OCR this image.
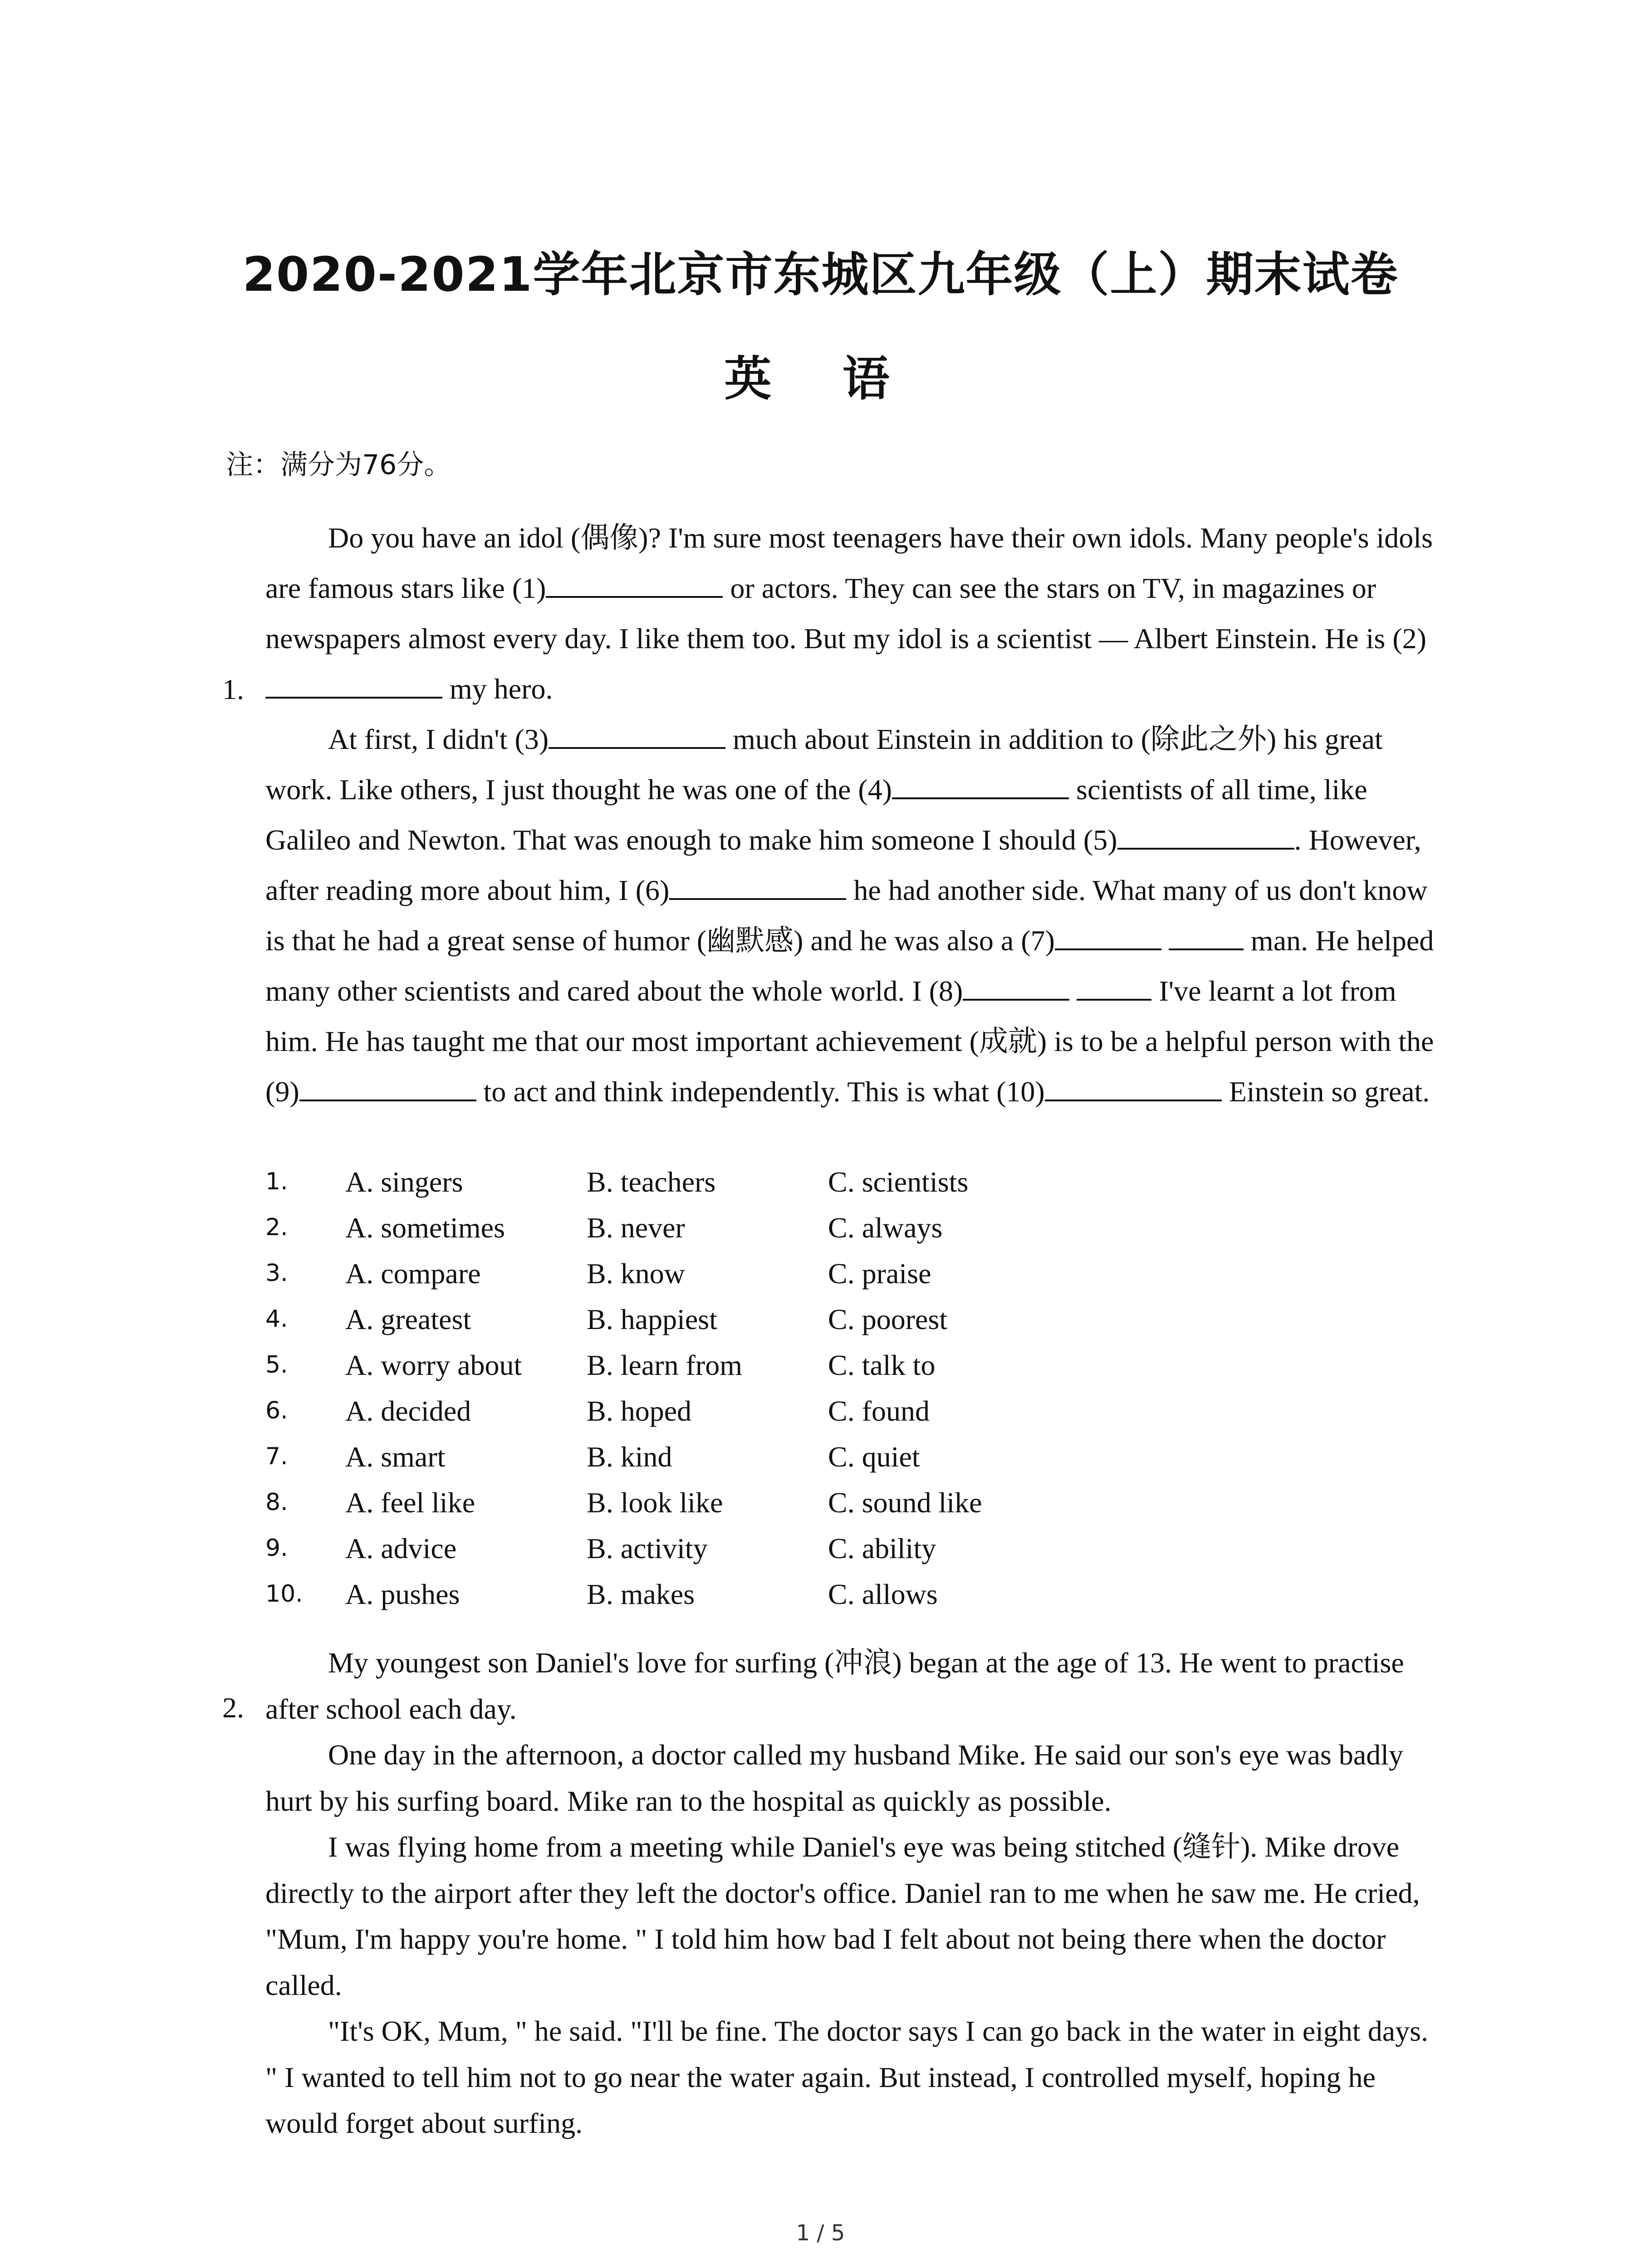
2020-2021学年北京市东城区九年级（上）期末试卷
英 语
注：满分为76分。
1.

Do you have an idol (偶像)? I'm sure most teenagers have their own idols. Many people's idols are famous stars like (1)	or actors. They can see the stars on TV, in magazines or newspapers almost every day. I like them too. But my idol is a scientist — Albert Einstein. He is (2) my hero.

At first, I didn't (3)	much about Einstein in addition to (除此之外) his great work. Like others, I just thought he was one of the (4)	scientists of all time, like Galileo and Newton. That was enough to make him someone I should (5)	. However, after reading more about him, I (6)	he had another side. What many of us don't know is that he had a great sense of humor (幽默感) and he was also a (7)	man. He helped many other scientists and cared about the whole world. I (8)	I've learnt a lot from him. He has taught me that our most important achievement (成就) is to be a helpful person with the (9)	to act and think independently. This is what (10)	Einstein so great.

1. A. singers	B. teachers	C. scientists
2. A. sometimes	B. never	C. always
3. A. compare	B. know	C. praise
4. A. greatest	B. happiest	C. poorest
5. A. worry about B. learn from	C. talk to
6. A. decided	B. hoped	C. found
7. A. smart	B. kind	C. quiet
8. A. feel like	B. look like	C. sound like
9. A. advice	B. activity	C. ability
10. A. pushes	B. makes	C. allows
2.

My youngest son Daniel's love for surfing (冲浪) began at the age of 13. He went to practise after school each day.

One day in the afternoon, a doctor called my husband Mike. He said our son's eye was badly hurt by his surfing board. Mike ran to the hospital as quickly as possible.

I was flying home from a meeting while Daniel's eye was being stitched (缝针). Mike drove directly to the airport after they left the doctor's office. Daniel ran to me when he saw me. He cried, "Mum, I'm happy you're home. " I told him how bad I felt about not being there when the doctor called.

"It's OK, Mum, " he said. "I'll be fine. The doctor says I can go back in the water in eight days. " I wanted to tell him not to go near the water again. But instead, I controlled myself, hoping he would forget about surfing.

1 / 5
